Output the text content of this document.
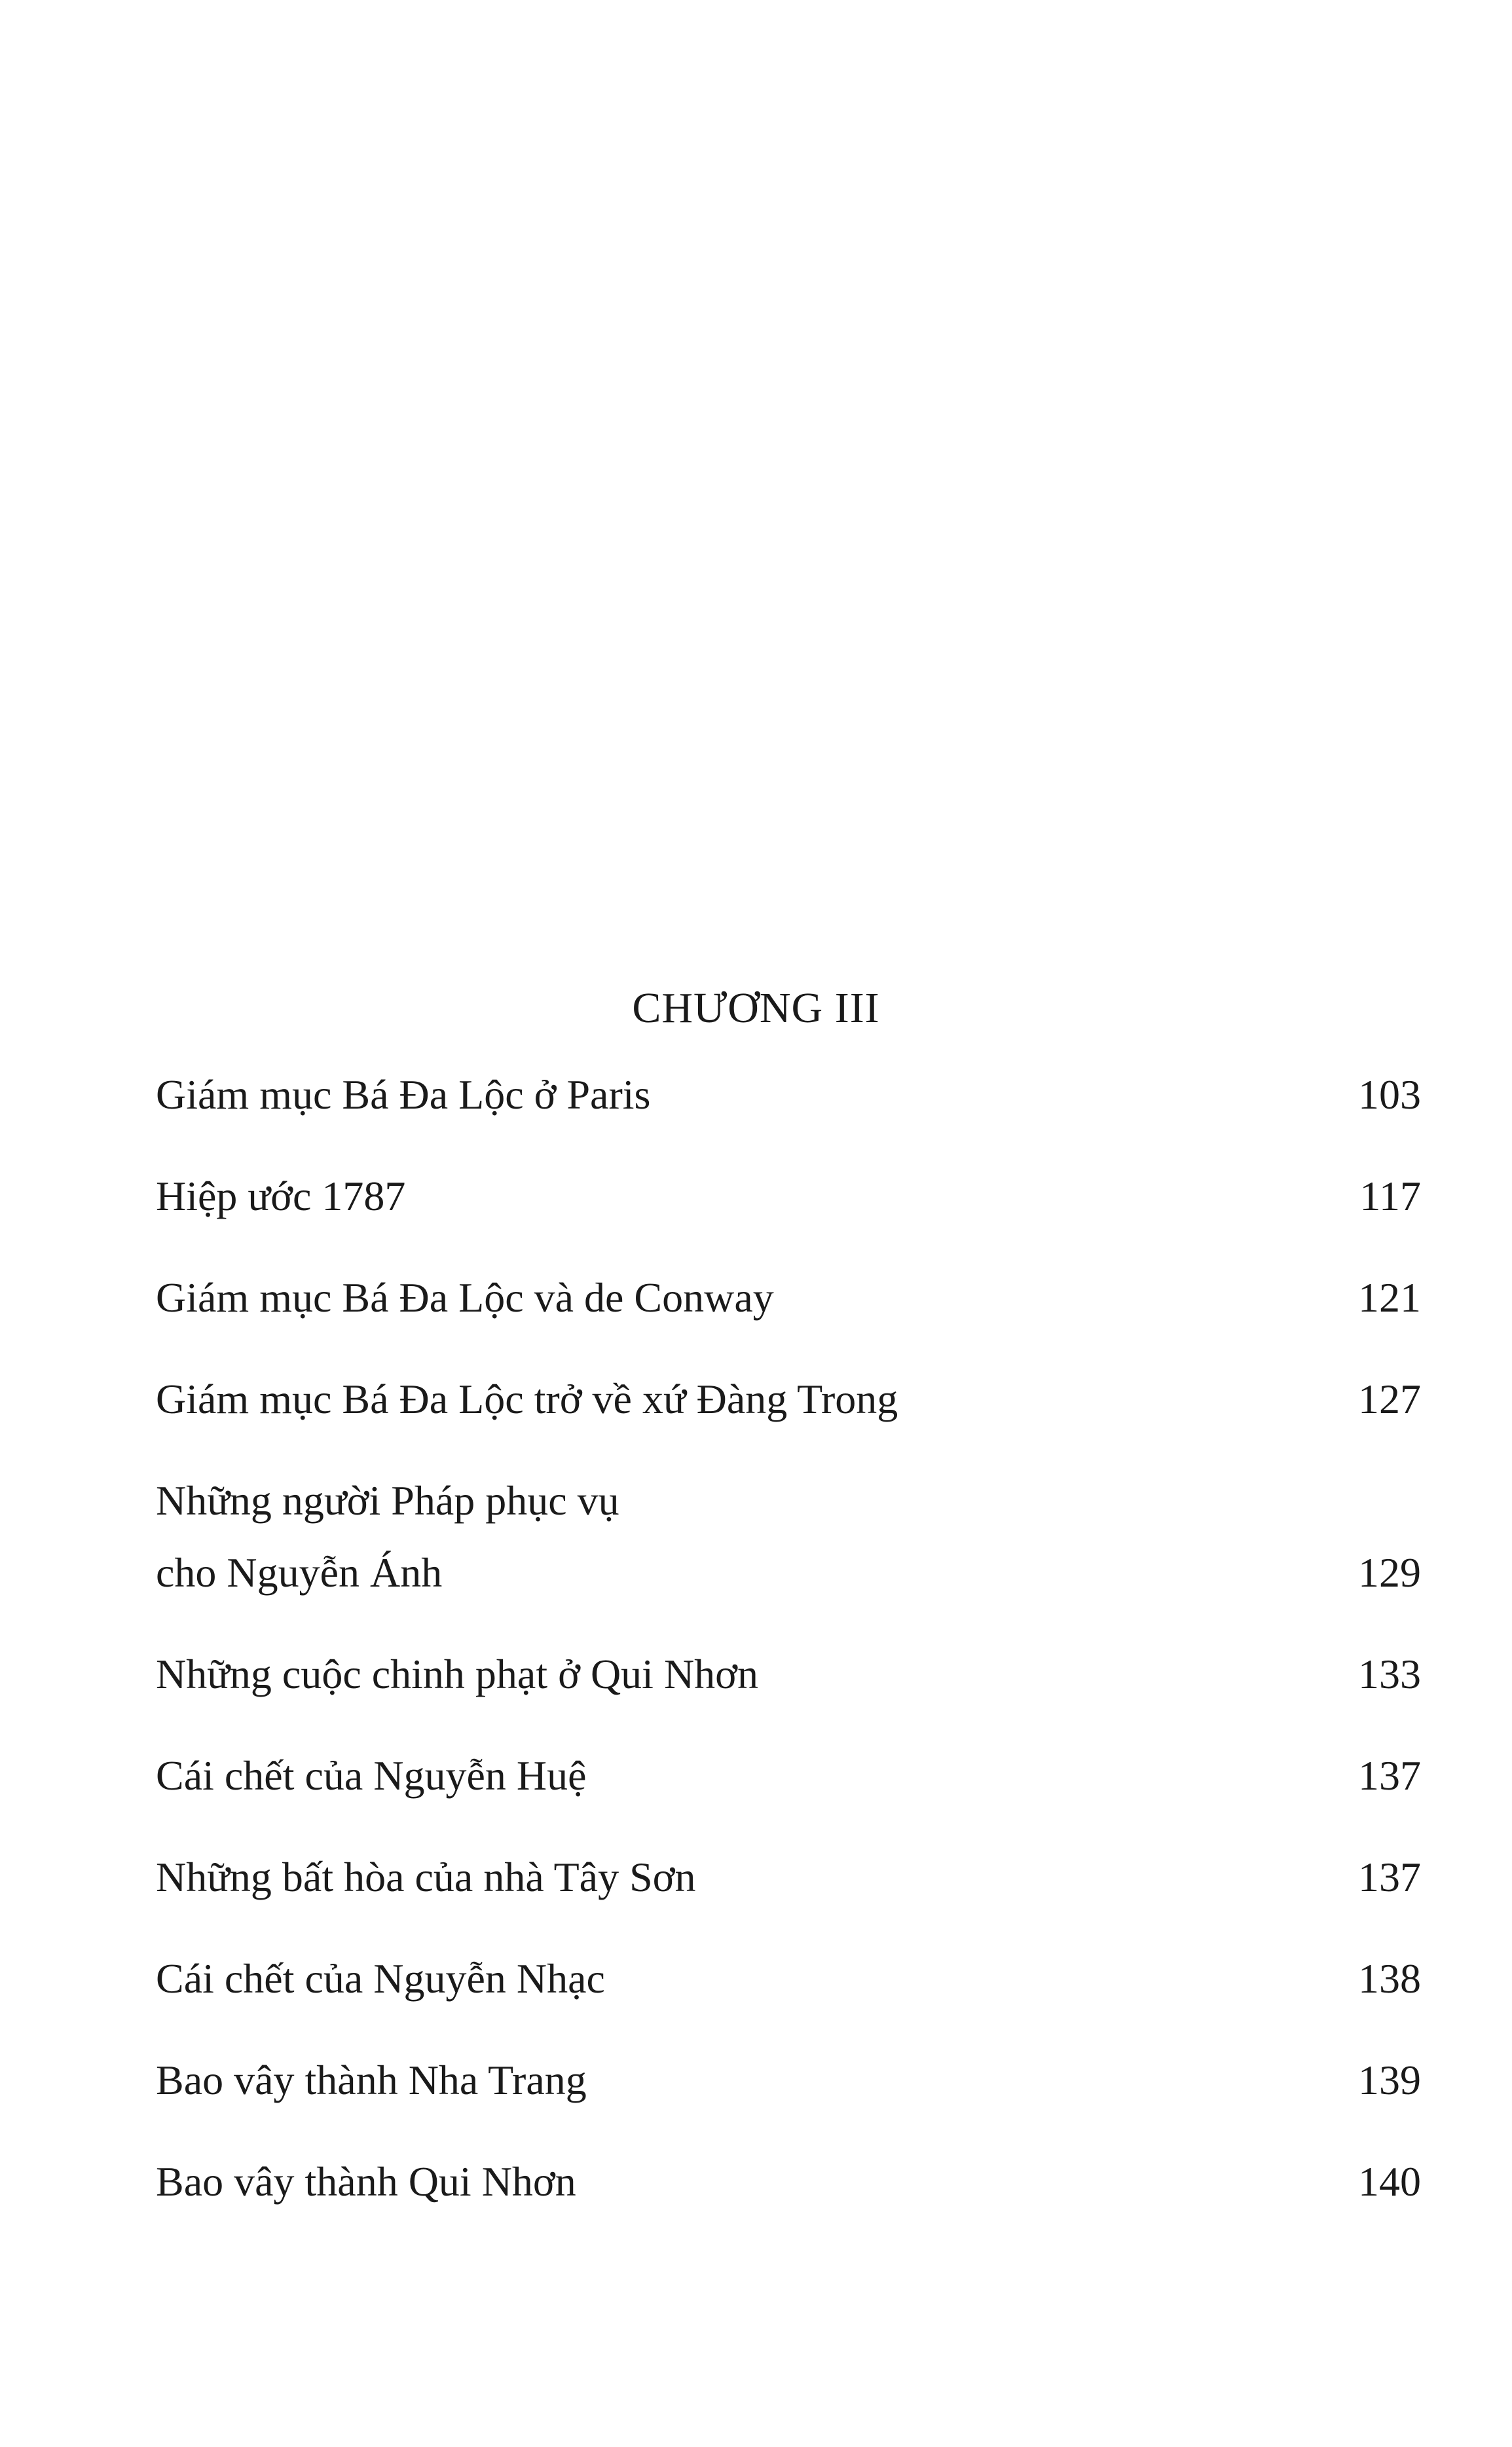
CHƯƠNG III
Giám mục Bá Đa Lộc ở Paris	103
Hiệp ước 1787	117
Giám mục Bá Đa Lộc và de Conway	121
Giám mục Bá Đa Lộc trở về xứ Đàng Trong	127
Những người Pháp phục vụ
cho Nguyễn Ánh	129
Những cuộc chinh phạt ở Qui Nhơn	133
Cái chết của Nguyễn Huệ	137
Những bất hòa của nhà Tây Sơn	137
Cái chết của Nguyễn Nhạc	138
Bao vây thành Nha Trang	139
Bao vây thành Qui Nhơn	140
